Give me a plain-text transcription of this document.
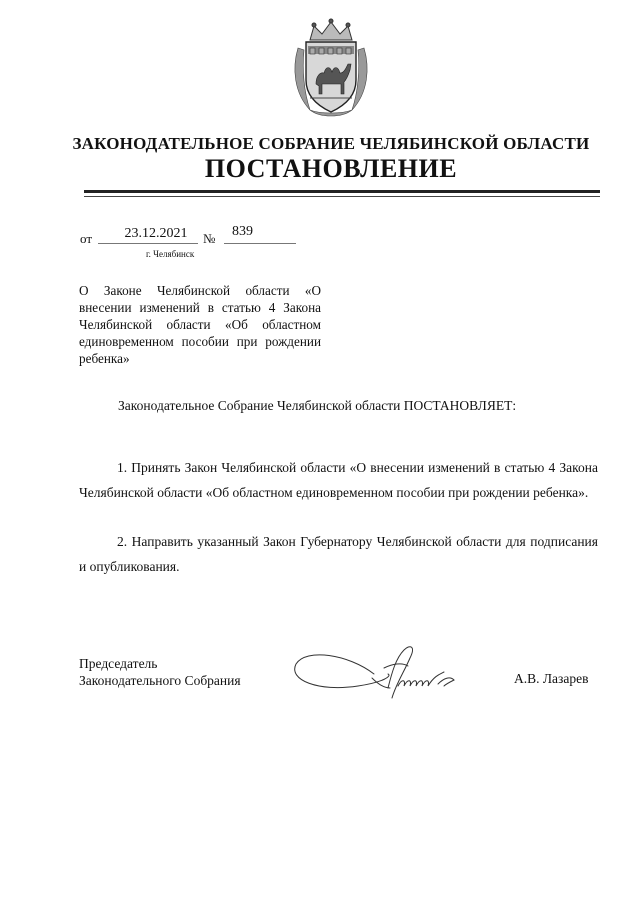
ЗАКОНОДАТЕЛЬНОЕ СОБРАНИЕ ЧЕЛЯБИНСКОЙ ОБЛАСТИ
ПОСТАНОВЛЕНИЕ
от	23.12.2021	№ 839
г. Челябинск
О Законе Челябинской области «О внесении изменений в статью 4 Закона Челябинской области «Об областном единовременном пособии при рождении ребенка»
Законодательное Собрание Челябинской области ПОСТАНОВЛЯЕТ:
1. Принять Закон Челябинской области «О внесении изменений в статью 4 Закона Челябинской области «Об областном единовременном пособии при рождении ребенка».
2. Направить указанный Закон Губернатору Челябинской области для подписания и опубликования.
Председатель
Законодательного Собрания	А.В. Лазарев
